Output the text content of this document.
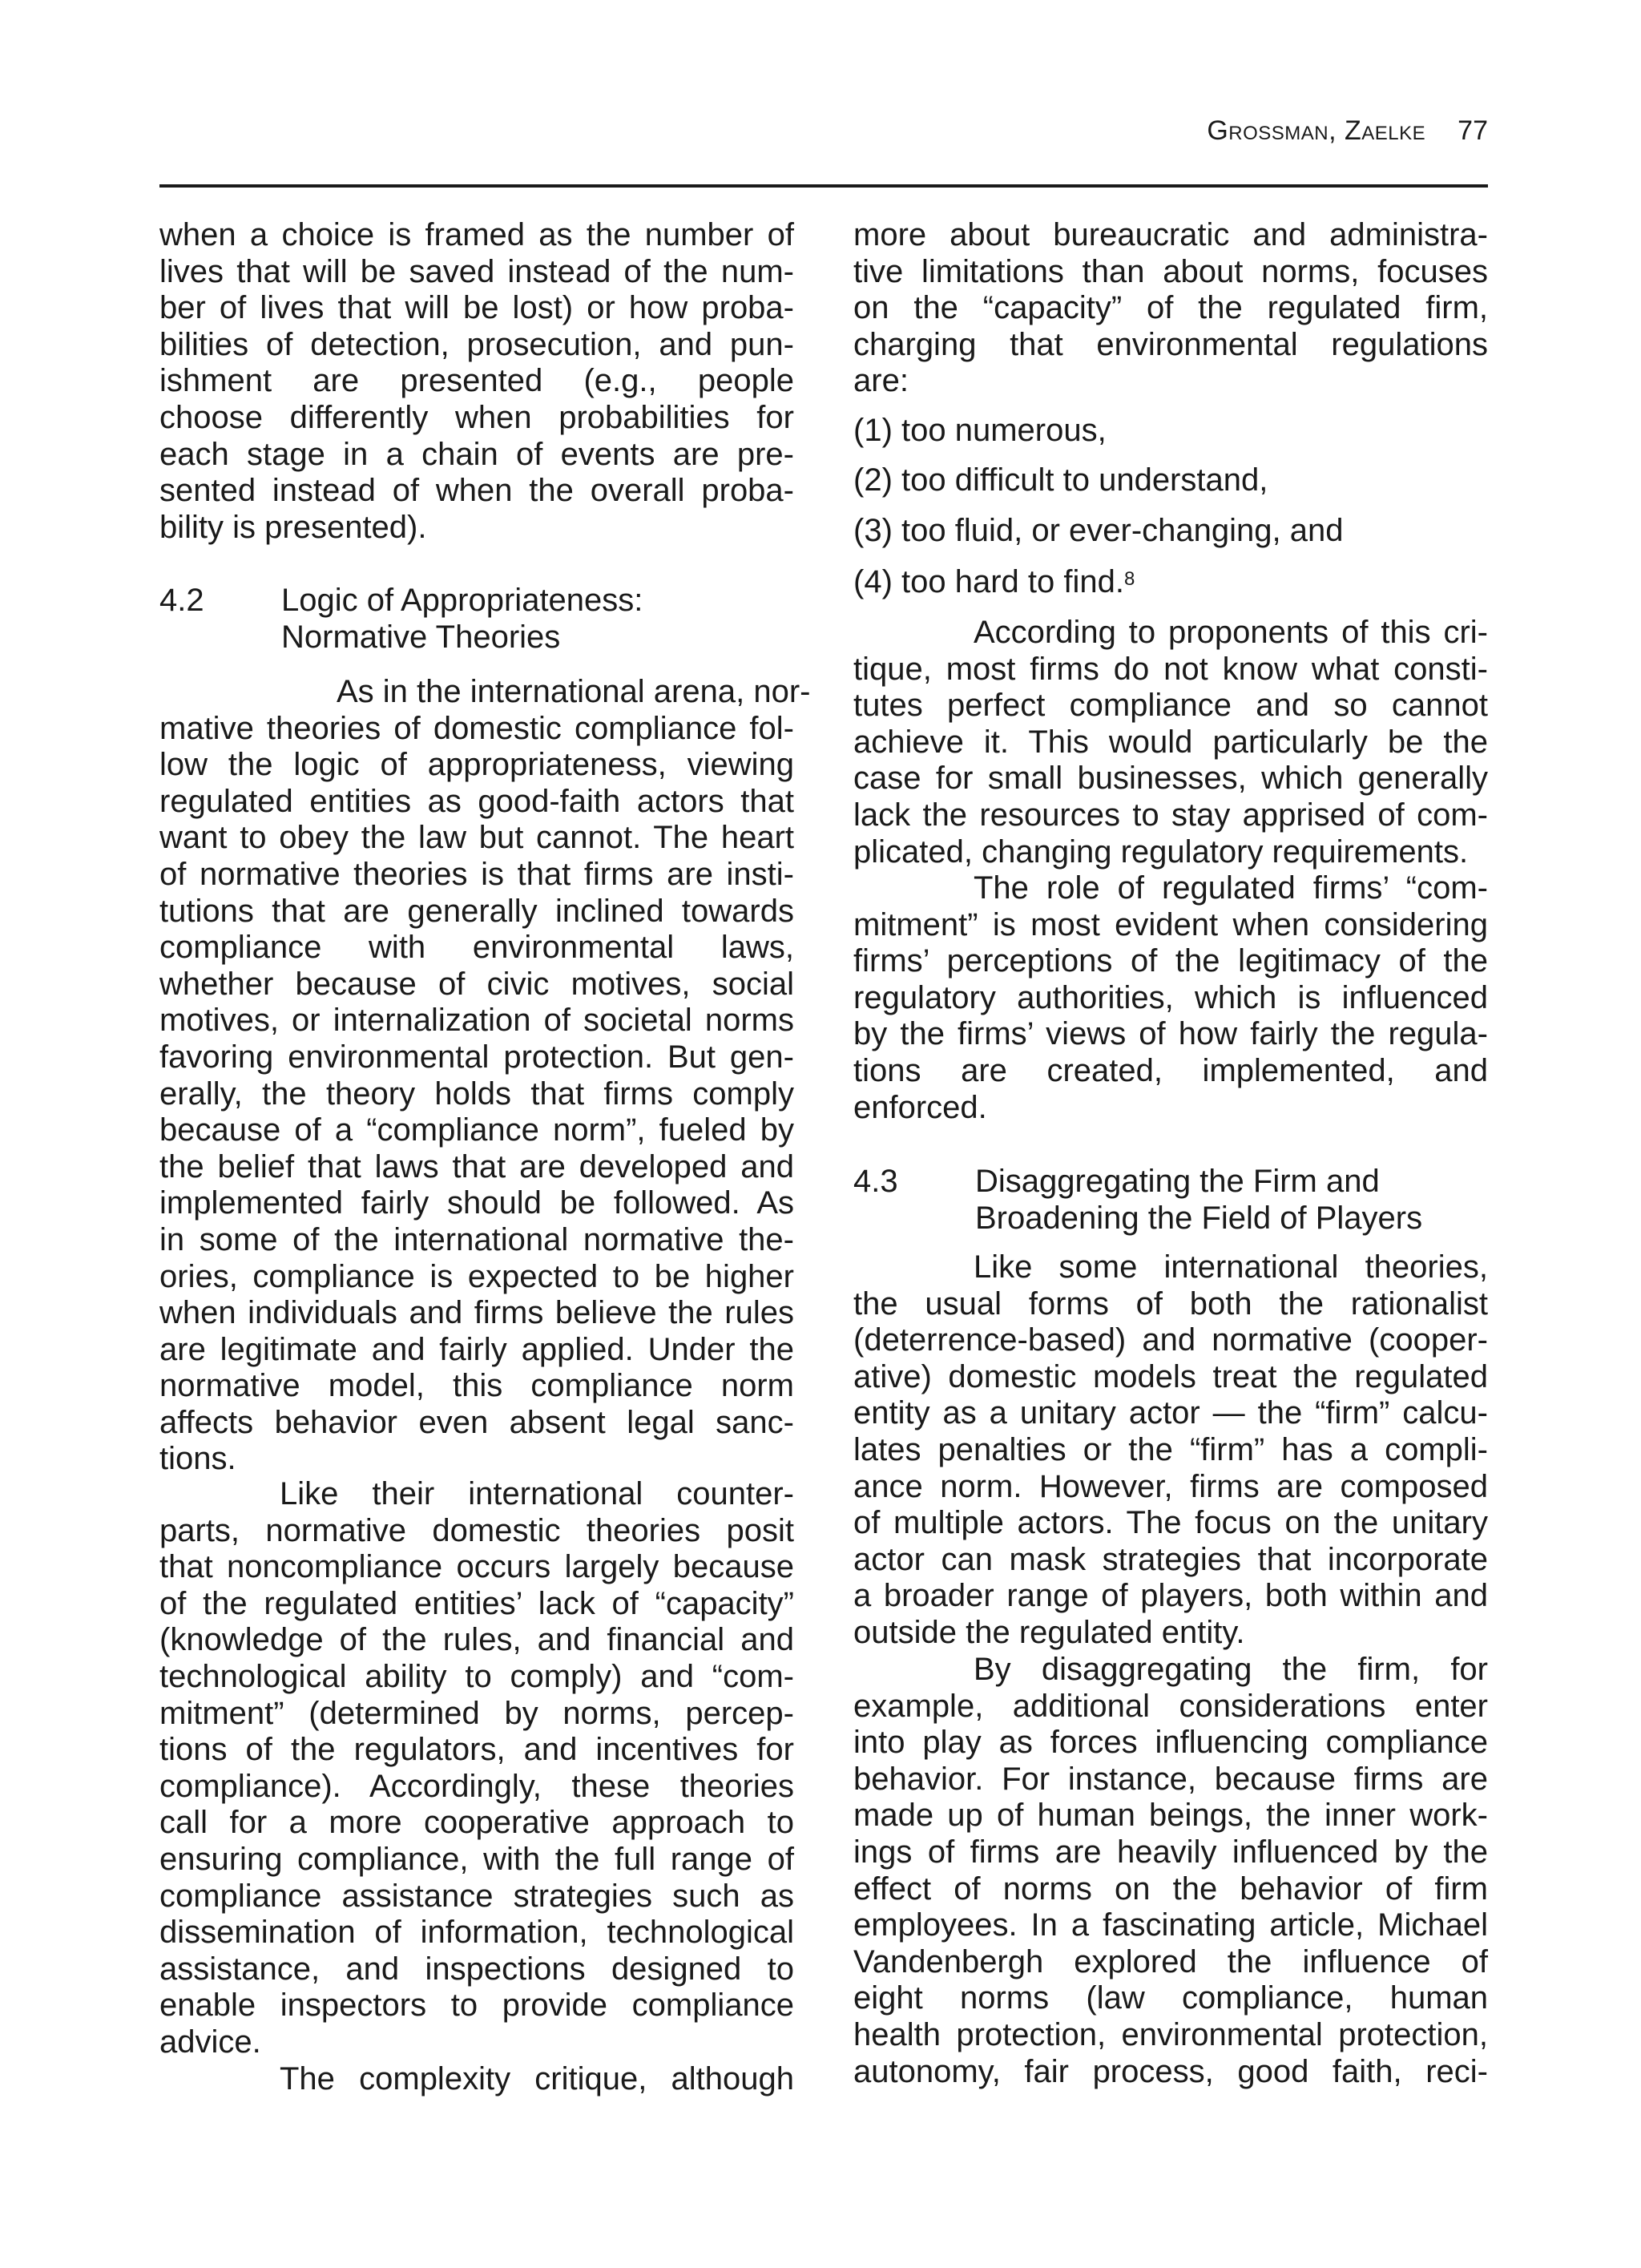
Grossman, Zaelke 77
when a choice is framed as the number of
lives that will be saved instead of the num-
ber of lives that will be lost) or how proba-
bilities of detection, prosecution, and pun-
ishment are presented (e.g., people
choose differently when probabilities for
each stage in a chain of events are pre-
sented instead of when the overall proba-
bility is presented).
As in the international arena, nor-
mative theories of domestic compliance fol-
low the logic of appropriateness, viewing
regulated entities as good-faith actors that
want to obey the law but cannot. The heart
of normative theories is that firms are insti-
tutions that are generally inclined towards
compliance with environmental laws,
whether because of civic motives, social
motives, or internalization of societal norms
favoring environmental protection. But gen-
erally, the theory holds that firms comply
because of a “compliance norm”, fueled by
the belief that laws that are developed and
implemented fairly should be followed. As
in some of the international normative the-
ories, compliance is expected to be higher
when individuals and firms believe the rules
are legitimate and fairly applied. Under the
normative model, this compliance norm
affects behavior even absent legal sanc-
tions.
Like their international counter-
parts, normative domestic theories posit
that noncompliance occurs largely because
of the regulated entities’ lack of “capacity”
(knowledge of the rules, and financial and
technological ability to comply) and “com-
mitment” (determined by norms, percep-
tions of the regulators, and incentives for
compliance). Accordingly, these theories
call for a more cooperative approach to
ensuring compliance, with the full range of
compliance assistance strategies such as
dissemination of information, technological
assistance, and inspections designed to
enable inspectors to provide compliance
advice.
The complexity critique, although
more about bureaucratic and administra-
tive limitations than about norms, focuses
on the “capacity” of the regulated firm,
charging that environmental regulations
are:
According to proponents of this cri-
tique, most firms do not know what consti-
tutes perfect compliance and so cannot
achieve it. This would particularly be the
case for small businesses, which generally
lack the resources to stay apprised of com-
plicated, changing regulatory requirements.
The role of regulated firms’ “com-
mitment” is most evident when considering
firms’ perceptions of the legitimacy of the
regulatory authorities, which is influenced
by the firms’ views of how fairly the regula-
tions are created, implemented, and
enforced.
Like some international theories,
the usual forms of both the rationalist
(deterrence-based) and normative (cooper-
ative) domestic models treat the regulated
entity as a unitary actor — the “firm” calcu-
lates penalties or the “firm” has a compli-
ance norm. However, firms are composed
of multiple actors. The focus on the unitary
actor can mask strategies that incorporate
a broader range of players, both within and
outside the regulated entity.
By disaggregating the firm, for
example, additional considerations enter
into play as forces influencing compliance
behavior. For instance, because firms are
made up of human beings, the inner work-
ings of firms are heavily influenced by the
effect of norms on the behavior of firm
employees. In a fascinating article, Michael
Vandenbergh explored the influence of
eight norms (law compliance, human
health protection, environmental protection,
autonomy, fair process, good faith, reci-
4.2 Logic of Appropriateness:
Normative Theories
4.3 Disaggregating the Firm and
Broadening the Field of Players
(1) too numerous,
(2) too difficult to understand,
(3) too fluid, or ever-changing, and
(4) too hard to find.$^8$
